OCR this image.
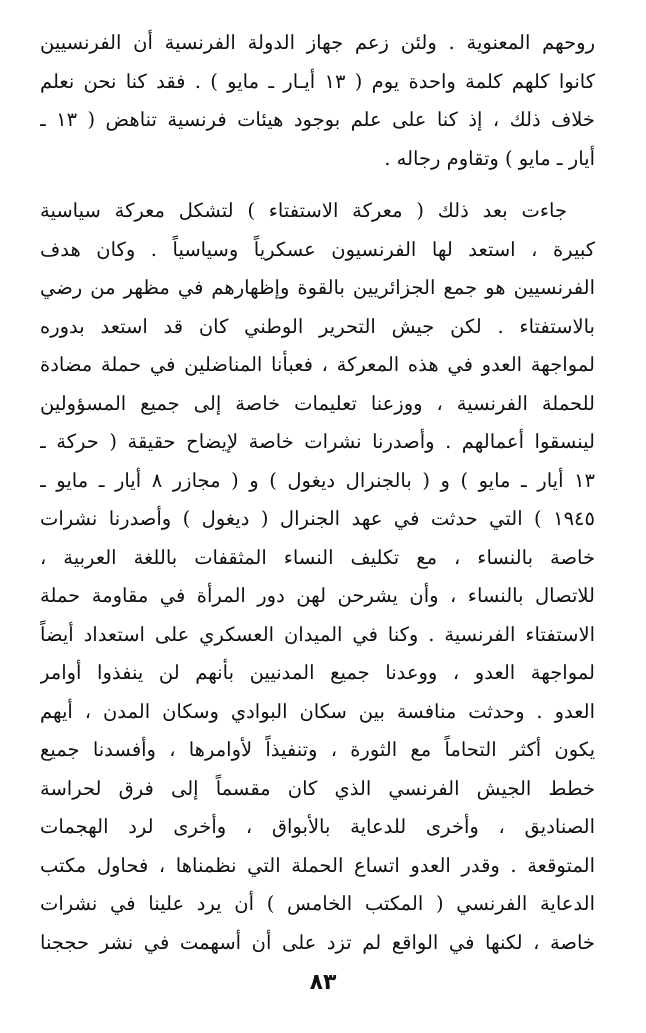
روحهم المعنوية . ولئن زعم جهاز الدولة الفرنسية أن الفرنسيين
كانوا كلهم كلمة واحدة يوم ( ١٣ أيـار ـ مايو ) . فقد كنا نحن نعلم
خلاف ذلك ، إذ كنا على علم بوجود هيئات فرنسية تناهض ( ١٣ ـ
أيار ـ مايو ) وتقاوم رجاله .
جاءت بعد ذلك ( معركة الاستفتاء ) لتشكل معركة سياسية
كبيرة ، استعد لها الفرنسيون عسكرياً وسياسياً . وكان هدف
الفرنسيين هو جمع الجزائريين بالقوة وإظهارهم في مظهر من رضي
بالاستفتاء . لكن جيش التحرير الوطني كان قد استعد بدوره
لمواجهة العدو في هذه المعركة ، فعبأنا المناضلين في حملة مضادة
للحملة الفرنسية ، ووزعنا تعليمات خاصة إلى جميع المسؤولين
لينسقوا أعمالهم . وأصدرنا نشرات خاصة لإيضاح حقيقة ( حركة ـ
١٣ أيار ـ مايو ) و ( بالجنرال ديغول ) و ( مجازر ٨ أيار ـ مايو ـ
١٩٤٥ ) التي حدثت في عهد الجنرال ( ديغول ) وأصدرنا نشرات
خاصة بالنساء ، مع تكليف النساء المثقفات باللغة العربية ،
للاتصال بالنساء ، وأن يشرحن لهن دور المرأة في مقاومة حملة
الاستفتاء الفرنسية . وكنا في الميدان العسكري على استعداد أيضاً
لمواجهة العدو ، ووعدنا جميع المدنيين بأنهم لن ينفذوا أوامر
العدو . وحدثت منافسة بين سكان البوادي وسكان المدن ، أيهم
يكون أكثر التحاماً مع الثورة ، وتنفيذاً لأوامرها ، وأفسدنا جميع
خطط الجيش الفرنسي الذي كان مقسماً إلى فرق لحراسة
الصناديق ، وأخرى للدعاية بالأبواق ، وأخرى لرد الهجمات
المتوقعة . وقدر العدو اتساع الحملة التي نظمناها ، فحاول مكتب
الدعاية الفرنسي ( المكتب الخامس ) أن يرد علينا في نشرات
خاصة ، لكنها في الواقع لم تزد على أن أسهمت في نشر حججنا
٨٣
